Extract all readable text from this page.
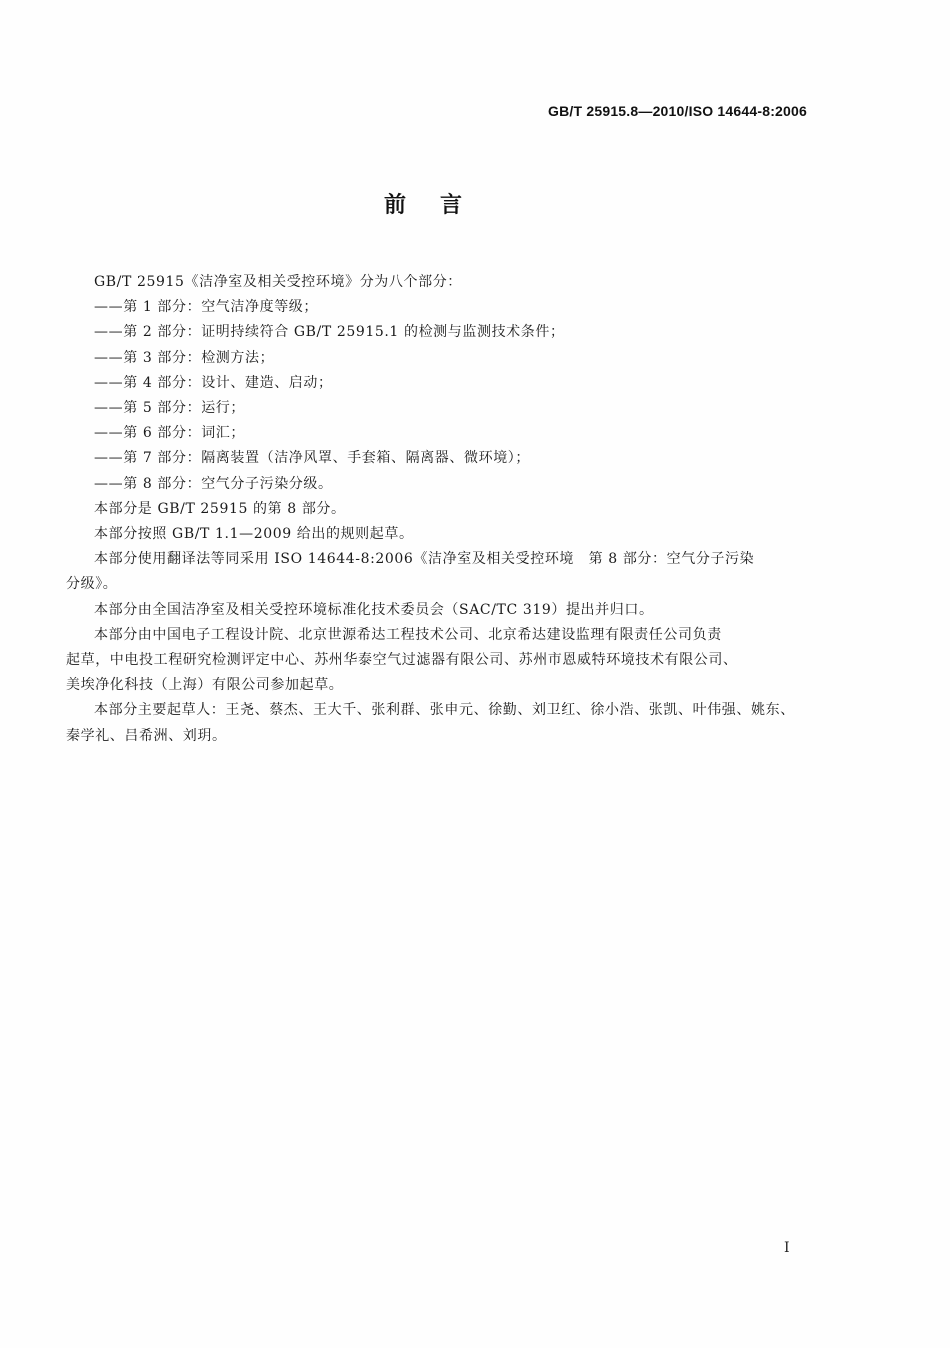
GB/T 25915.8—2010/ISO 14644-8:2006
前言

GB/T 25915《洁净室及相关受控环境》分为八个部分：

——第 1 部分：空气洁净度等级；

——第 2 部分：证明持续符合 GB/T 25915.1 的检测与监测技术条件；

——第 3 部分：检测方法；

——第 4 部分：设计、建造、启动；

——第 5 部分：运行；

——第 6 部分：词汇；

——第 7 部分：隔离装置（洁净风罩、手套箱、隔离器、微环境）；

——第 8 部分：空气分子污染分级。

本部分是 GB/T 25915 的第 8 部分。

本部分按照 GB/T 1.1—2009 给出的规则起草。

本部分使用翻译法等同采用 ISO 14644-8:2006《洁净室及相关受控环境　第 8 部分：空气分子污染

分级》。

本部分由全国洁净室及相关受控环境标准化技术委员会（SAC/TC 319）提出并归口。

本部分由中国电子工程设计院、北京世源希达工程技术公司、北京希达建设监理有限责任公司负责

起草，中电投工程研究检测评定中心、苏州华泰空气过滤器有限公司、苏州市恩威特环境技术有限公司、

美埃净化科技（上海）有限公司参加起草。

本部分主要起草人：王尧、蔡杰、王大千、张利群、张申元、徐勤、刘卫红、徐小浩、张凯、叶伟强、姚东、

秦学礼、吕希洲、刘玥。

I
